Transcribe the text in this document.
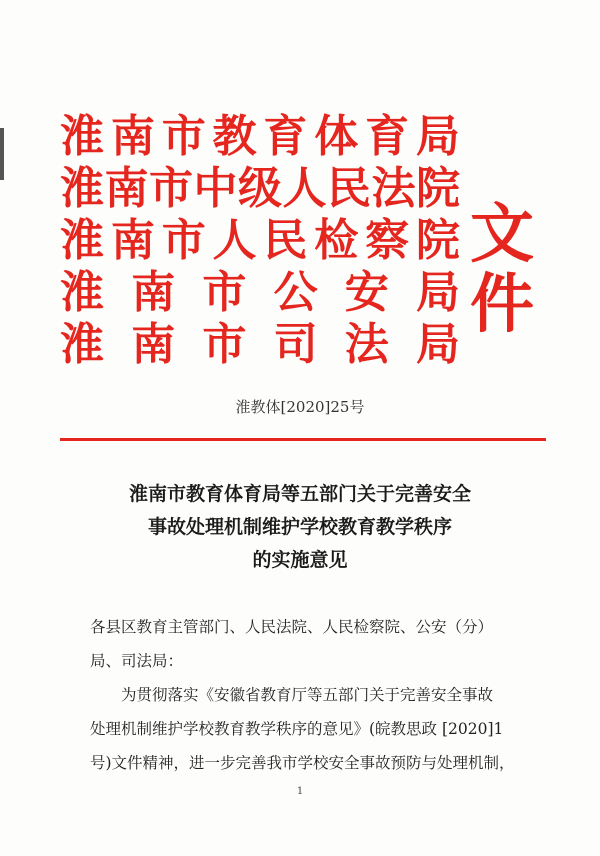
淮 南 市 教 育 体 育 局
淮 南 市 中 级 人 民 法 院
淮 南 市 人 民 检 察 院
淮 南 市 公 安 局
淮 南 市 司 法 局
文件
淮教体[2020]25号
淮南市教育体育局等五部门关于完善安全
事故处理机制维护学校教育教学秩序
的实施意见
各县区教育主管部门、人民法院、人民检察院、公安（分）
局、司法局：
为贯彻落实《安徽省教育厅等五部门关于完善安全事故
处理机制维护学校教育教学秩序的意见》(皖教思政 [2020]1
号)文件精神，进一步完善我市学校安全事故预防与处理机制，
1
